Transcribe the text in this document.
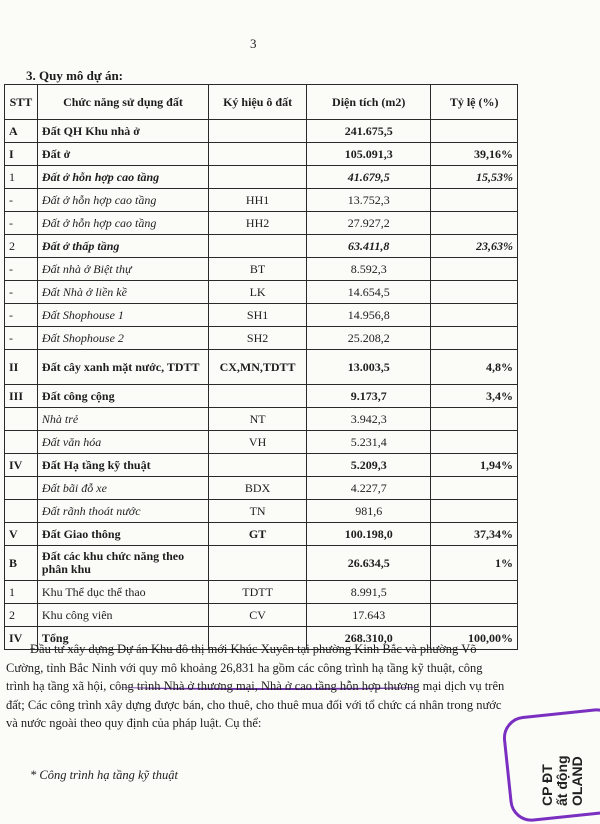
3
3. Quy mô dự án:
STT	Chức năng sử dụng đất	Ký hiệu ô đất	Diện tích (m2)	Tỷ lệ (%)
A	Đất QH Khu nhà ở		241.675,5	
I	Đất ở		105.091,3	39,16%
1	Đất ở hỗn hợp cao tầng		41.679,5	15,53%
-	Đất ở hỗn hợp cao tầng	HH1	13.752,3	
-	Đất ở hỗn hợp cao tầng	HH2	27.927,2	
2	Đất ở thấp tầng		63.411,8	23,63%
-	Đất nhà ở Biệt thự	BT	8.592,3	
-	Đất Nhà ở liền kề	LK	14.654,5	
-	Đất Shophouse 1	SH1	14.956,8	
-	Đất Shophouse 2	SH2	25.208,2	
II	Đất cây xanh mặt nước, TDTT	CX,MN,TDTT	13.003,5	4,8%
III	Đất công cộng		9.173,7	3,4%
	Nhà trẻ	NT	3.942,3	
	Đất văn hóa	VH	5.231,4	
IV	Đất Hạ tầng kỹ thuật		5.209,3	1,94%
	Đất bãi đỗ xe	BDX	4.227,7	
	Đất rãnh thoát nước	TN	981,6	
V	Đất Giao thông	GT	100.198,0	37,34%
B	Đất các khu chức năng theo phân khu		26.634,5	1%
1	Khu Thể dục thể thao	TDTT	8.991,5	
2	Khu công viên	CV	17.643	
IV	Tổng		268.310,0	100,00%
Đầu tư xây dựng Dự án Khu đô thị mới Khúc Xuyên tại phường Kinh Bắc và phường Võ Cường, tỉnh Bắc Ninh với quy mô khoảng 26,831 ha gồm các công trình hạ tầng kỹ thuật, công trình hạ tầng xã hội, công trình Nhà ở thương mại, Nhà ở cao tầng hỗn hợp thương mại dịch vụ trên đất; Các công trình xây dựng được bán, cho thuê, cho thuê mua đối với tổ chức cá nhân trong nước và nước ngoài theo quy định của pháp luật. Cụ thể:
* Công trình hạ tầng kỹ thuật	CP ĐT
ất động
OLAND
